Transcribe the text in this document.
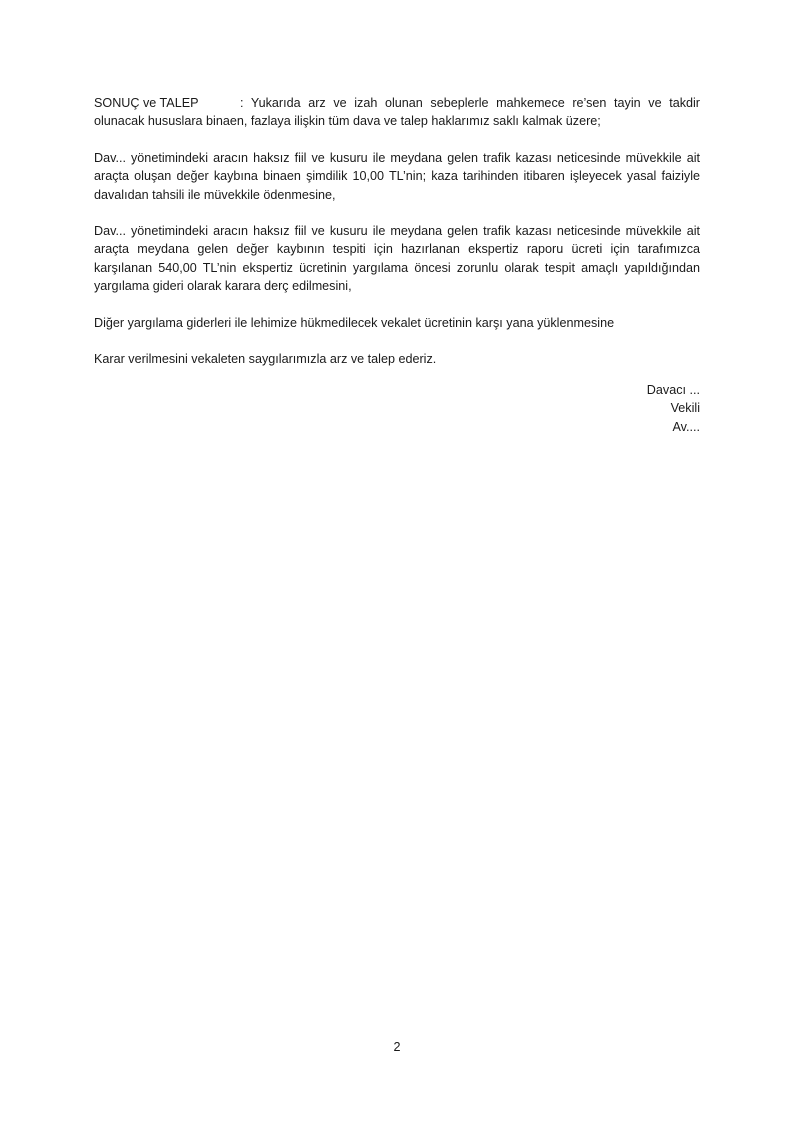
SONUÇ ve TALEP	: Yukarıda arz ve izah olunan sebeplerle mahkemece re’sen tayin ve takdir olunacak hususlara binaen, fazlaya ilişkin tüm dava ve talep haklarımız saklı kalmak üzere;

Dav... yönetimindeki aracın haksız fiil ve kusuru ile meydana gelen trafik kazası neticesinde müvekkile ait araçta oluşan değer kaybına binaen şimdilik 10,00 TL’nin; kaza tarihinden itibaren işleyecek yasal faiziyle davalıdan tahsili ile müvekkile ödenmesine,

Dav... yönetimindeki aracın haksız fiil ve kusuru ile meydana gelen trafik kazası neticesinde müvekkile ait araçta meydana gelen değer kaybının tespiti için hazırlanan ekspertiz raporu ücreti için tarafımızca karşılanan 540,00 TL’nin ekspertiz ücretinin yargılama öncesi zorunlu olarak tespit amaçlı yapıldığından yargılama gideri olarak karara derç edilmesini,

Diğer yargılama giderleri ile lehimize hükmedilecek vekalet ücretinin karşı yana yüklenmesine

Karar verilmesini vekaleten saygılarımızla arz ve talep ederiz.

Davacı ...
Vekili
Av....
2
